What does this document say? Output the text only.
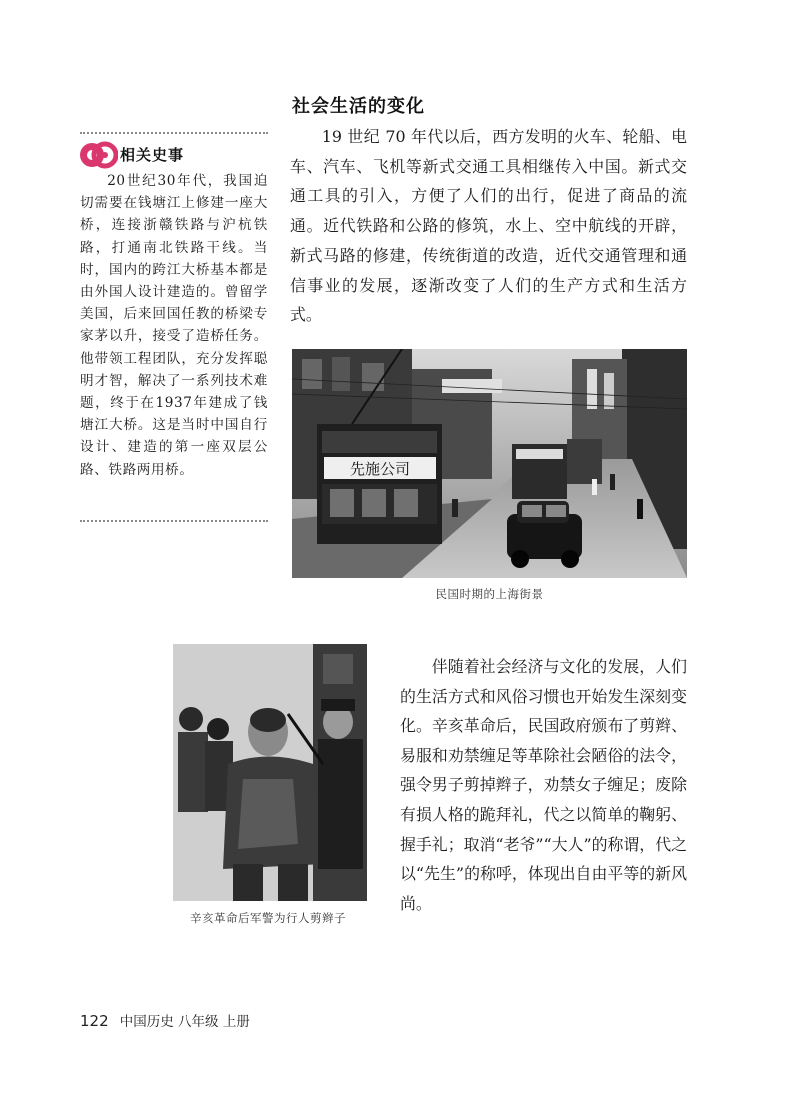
相关史事

20世纪30年代，我国迫切需要在钱塘江上修建一座大桥，连接浙赣铁路与沪杭铁路，打通南北铁路干线。当时，国内的跨江大桥基本都是由外国人设计建造的。曾留学美国，后来回国任教的桥梁专家茅以升，接受了造桥任务。他带领工程团队，充分发挥聪明才智，解决了一系列技术难题，终于在1937年建成了钱塘江大桥。这是当时中国自行设计、建造的第一座双层公路、铁路两用桥。

社会生活的变化

19 世纪 70 年代以后，西方发明的火车、轮船、电车、汽车、飞机等新式交通工具相继传入中国。新式交通工具的引入，方便了人们的出行，促进了商品的流通。近代铁路和公路的修筑，水上、空中航线的开辟，新式马路的修建，传统街道的改造，近代交通管理和通信事业的发展，逐渐改变了人们的生产方式和生活方式。

先施公司
民国时期的上海街景
辛亥革命后军警为行人剪辫子

伴随着社会经济与文化的发展，人们的生活方式和风俗习惯也开始发生深刻变化。辛亥革命后，民国政府颁布了剪辫、易服和劝禁缠足等革除社会陋俗的法令，强令男子剪掉辫子，劝禁女子缠足；废除有损人格的跪拜礼，代之以简单的鞠躬、握手礼；取消“老爷”“大人”的称谓，代之以“先生”的称呼，体现出自由平等的新风尚。

122 中国历史 八年级 上册
